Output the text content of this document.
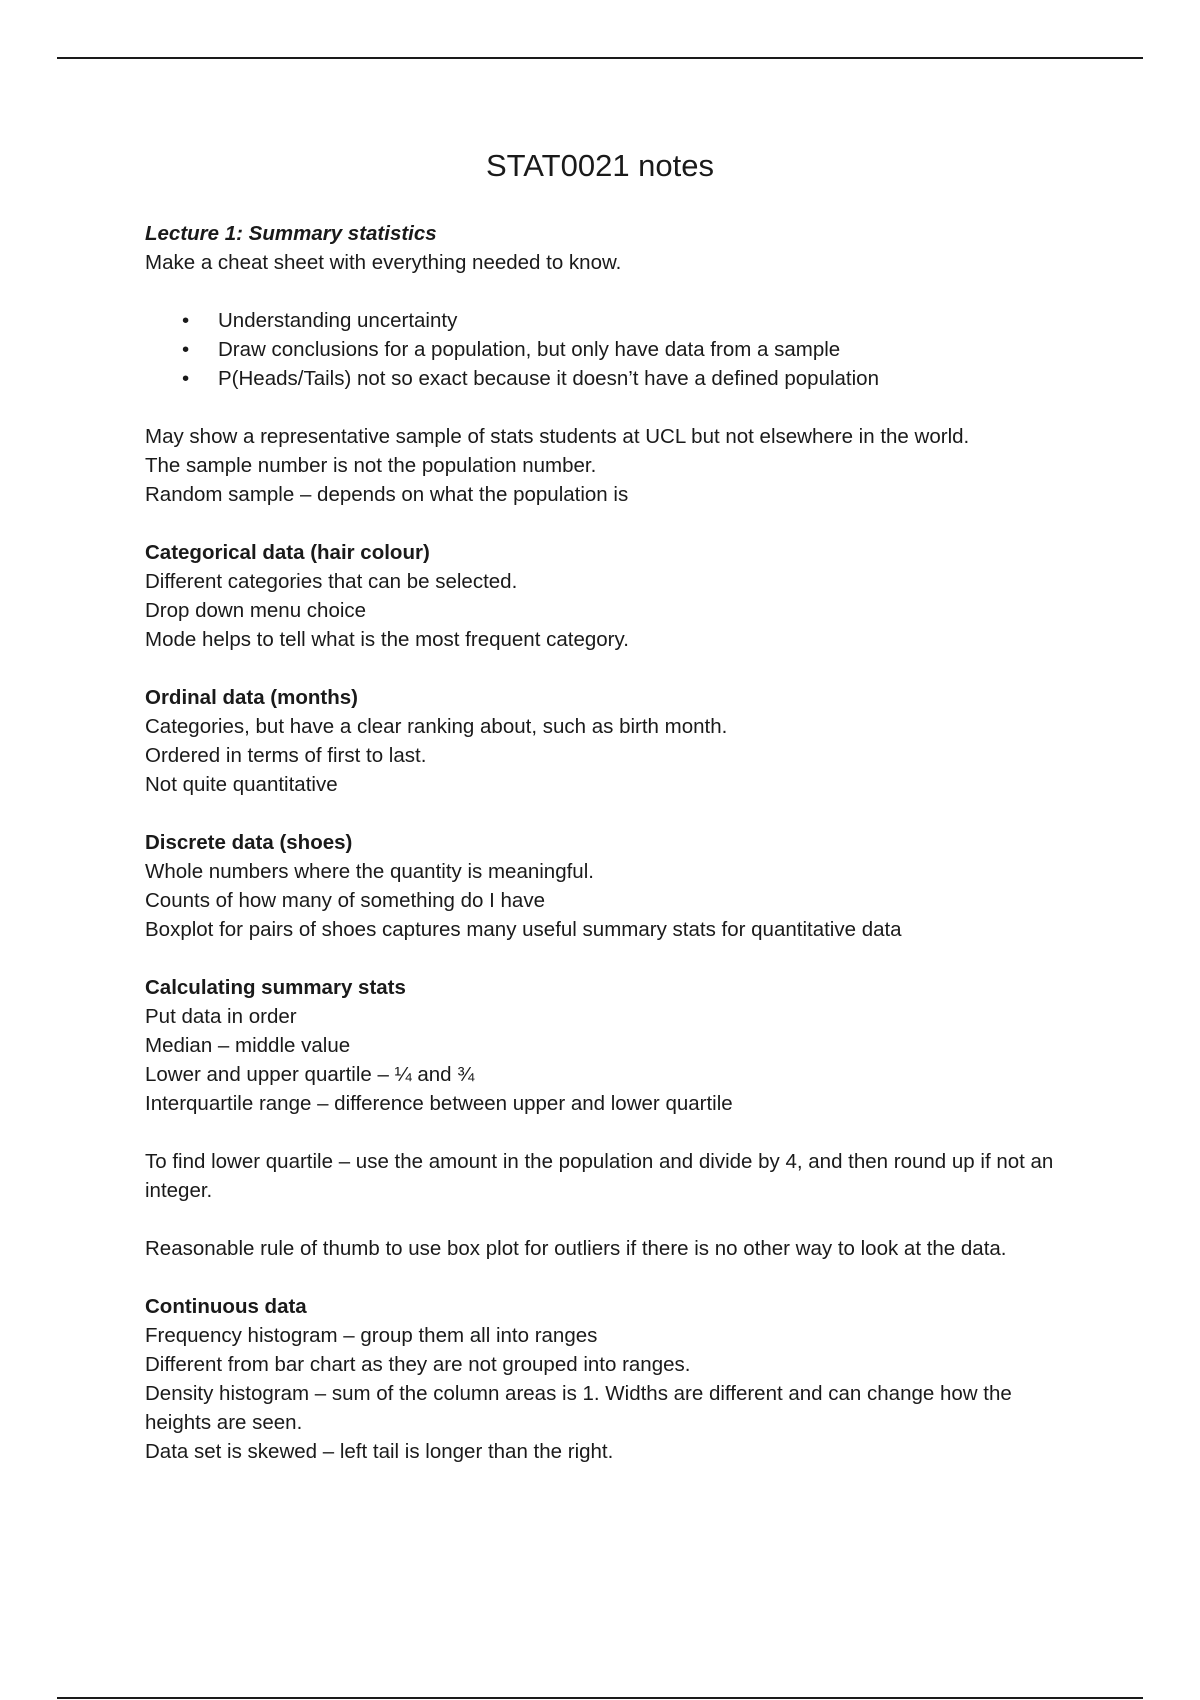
STAT0021 notes

Lecture 1: Summary statistics

Make a cheat sheet with everything needed to know.

• Understanding uncertainty
• Draw conclusions for a population, but only have data from a sample
• P(Heads/Tails) not so exact because it doesn’t have a defined population

May show a representative sample of stats students at UCL but not elsewhere in the world.

The sample number is not the population number.

Random sample – depends on what the population is

Categorical data (hair colour)

Different categories that can be selected.

Drop down menu choice

Mode helps to tell what is the most frequent category.

Ordinal data (months)

Categories, but have a clear ranking about, such as birth month.

Ordered in terms of first to last.

Not quite quantitative

Discrete data (shoes)

Whole numbers where the quantity is meaningful.

Counts of how many of something do I have

Boxplot for pairs of shoes captures many useful summary stats for quantitative data

Calculating summary stats

Put data in order

Median – middle value

Lower and upper quartile – ¼ and ¾

Interquartile range – difference between upper and lower quartile

To find lower quartile – use the amount in the population and divide by 4, and then round up if not an integer.

Reasonable rule of thumb to use box plot for outliers if there is no other way to look at the data.

Continuous data

Frequency histogram – group them all into ranges

Different from bar chart as they are not grouped into ranges.

Density histogram – sum of the column areas is 1. Widths are different and can change how the heights are seen.

Data set is skewed – left tail is longer than the right.
